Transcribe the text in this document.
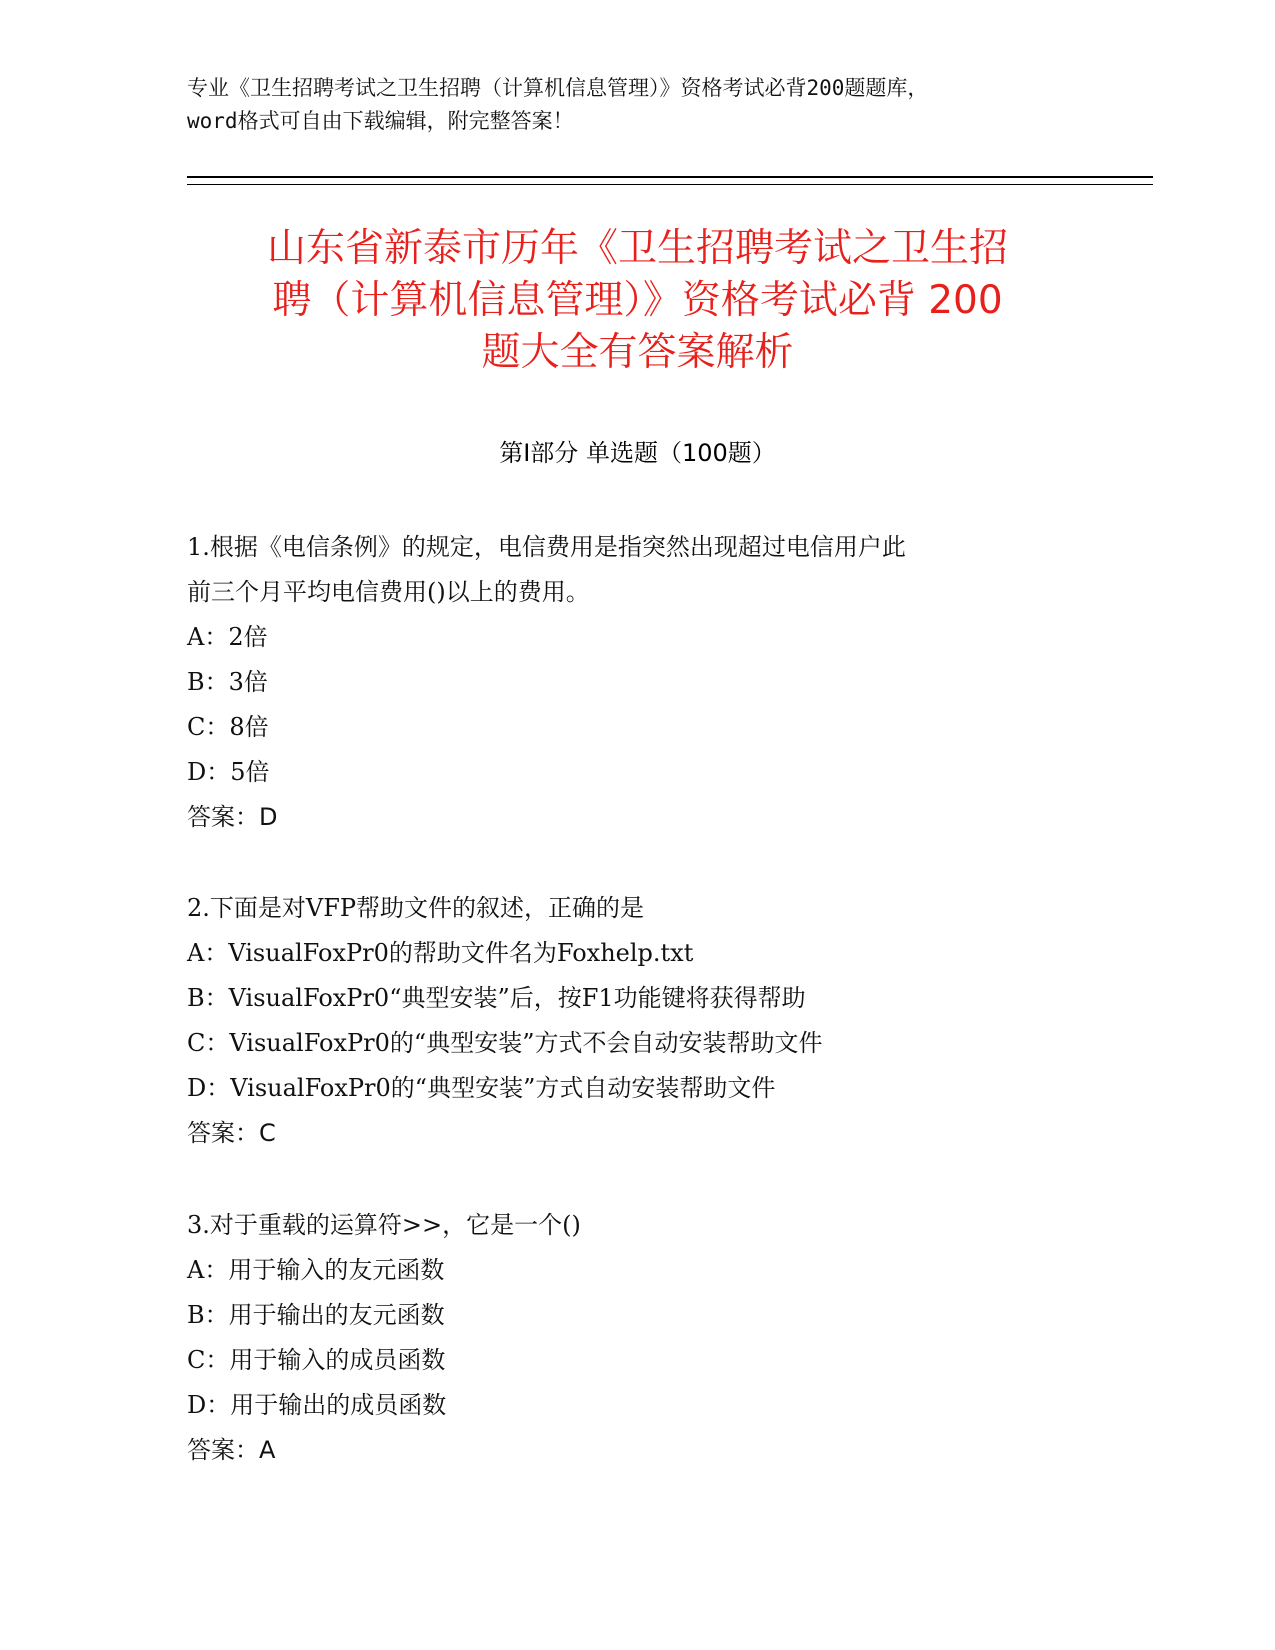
专业《卫生招聘考试之卫生招聘（计算机信息管理）》资格考试必背200题题库，
word格式可自由下载编辑，附完整答案！
山东省新泰市历年《卫生招聘考试之卫生招
聘（计算机信息管理）》资格考试必背 200
题大全有答案解析
第Ⅰ部分 单选题（100题）
1.根据《电信条例》的规定，电信费用是指突然出现超过电信用户此
前三个月平均电信费用()以上的费用。
A：2倍
B：3倍
C：8倍
D：5倍
答案：D
2.下面是对VFP帮助文件的叙述，正确的是
A：VisualFoxPr0的帮助文件名为Foxhelp.txt
B：VisualFoxPr0“典型安装”后，按F1功能键将获得帮助
C：VisualFoxPr0的“典型安装”方式不会自动安装帮助文件
D：VisualFoxPr0的“典型安装”方式自动安装帮助文件
答案：C
3.对于重载的运算符>>，它是一个()
A：用于输入的友元函数
B：用于输出的友元函数
C：用于输入的成员函数
D：用于输出的成员函数
答案：A
